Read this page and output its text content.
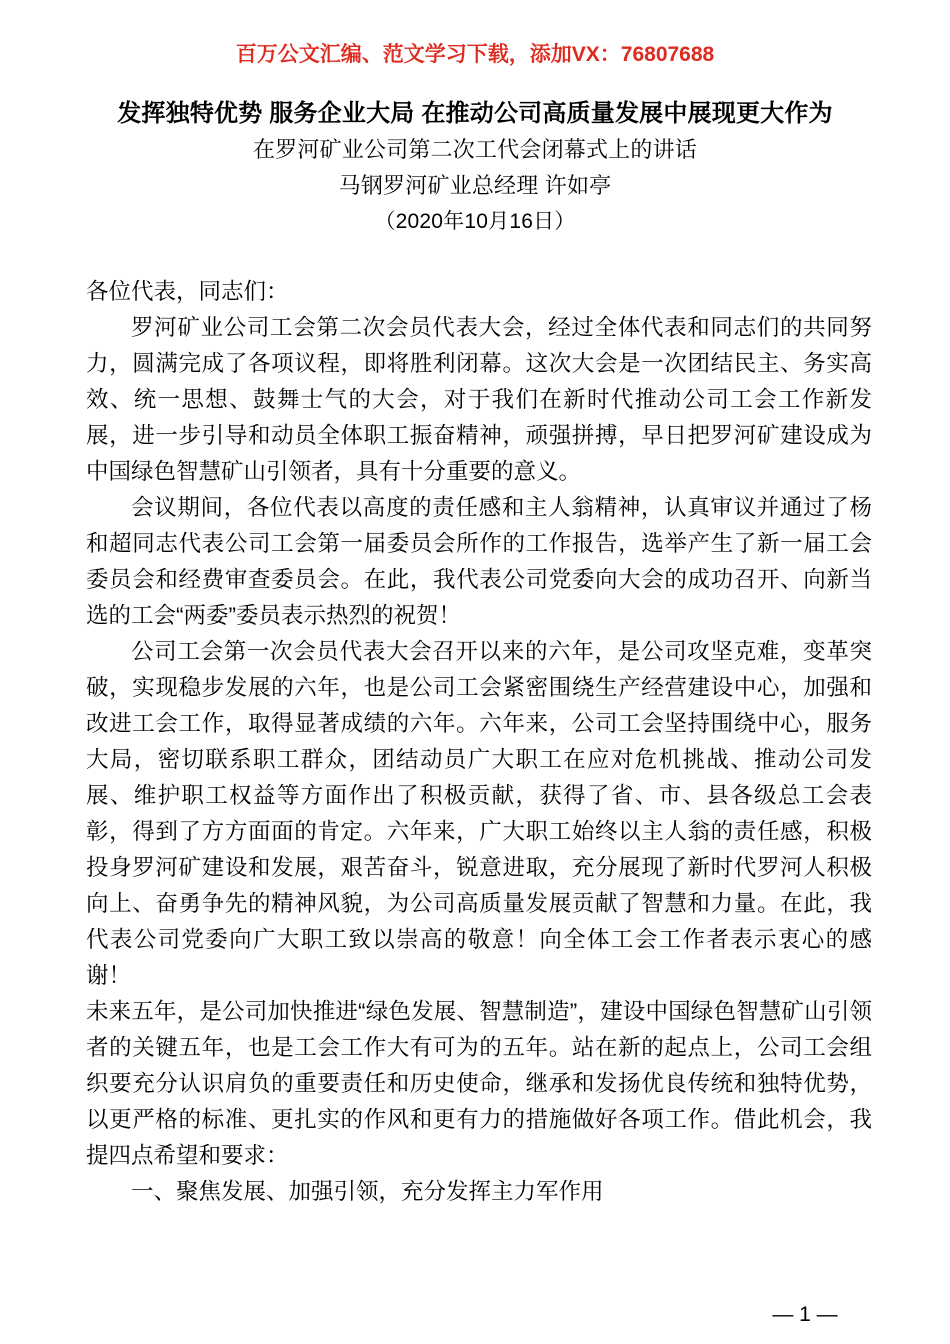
百万公文汇编、范文学习下载，添加VX：76807688
发挥独特优势 服务企业大局 在推动公司高质量发展中展现更大作为
在罗河矿业公司第二次工代会闭幕式上的讲话
马钢罗河矿业总经理 许如亭
（2020年10月16日）

各位代表，同志们：

罗河矿业公司工会第二次会员代表大会，经过全体代表和同志们的共同努力，圆满完成了各项议程，即将胜利闭幕。这次大会是一次团结民主、务实高效、统一思想、鼓舞士气的大会，对于我们在新时代推动公司工会工作新发展，进一步引导和动员全体职工振奋精神，顽强拼搏，早日把罗河矿建设成为中国绿色智慧矿山引领者，具有十分重要的意义。

会议期间，各位代表以高度的责任感和主人翁精神，认真审议并通过了杨和超同志代表公司工会第一届委员会所作的工作报告，选举产生了新一届工会委员会和经费审查委员会。在此，我代表公司党委向大会的成功召开、向新当选的工会“两委”委员表示热烈的祝贺！

公司工会第一次会员代表大会召开以来的六年，是公司攻坚克难，变革突破，实现稳步发展的六年，也是公司工会紧密围绕生产经营建设中心，加强和改进工会工作，取得显著成绩的六年。六年来，公司工会坚持围绕中心，服务大局，密切联系职工群众，团结动员广大职工在应对危机挑战、推动公司发展、维护职工权益等方面作出了积极贡献，获得了省、市、县各级总工会表彰，得到了方方面面的肯定。六年来，广大职工始终以主人翁的责任感，积极投身罗河矿建设和发展，艰苦奋斗，锐意进取，充分展现了新时代罗河人积极向上、奋勇争先的精神风貌，为公司高质量发展贡献了智慧和力量。在此，我代表公司党委向广大职工致以崇高的敬意！向全体工会工作者表示衷心的感谢！

未来五年，是公司加快推进“绿色发展、智慧制造”，建设中国绿色智慧矿山引领者的关键五年，也是工会工作大有可为的五年。站在新的起点上，公司工会组织要充分认识肩负的重要责任和历史使命，继承和发扬优良传统和独特优势，以更严格的标准、更扎实的作风和更有力的措施做好各项工作。借此机会，我提四点希望和要求：

一、聚焦发展、加强引领，充分发挥主力军作用

— 1 —
